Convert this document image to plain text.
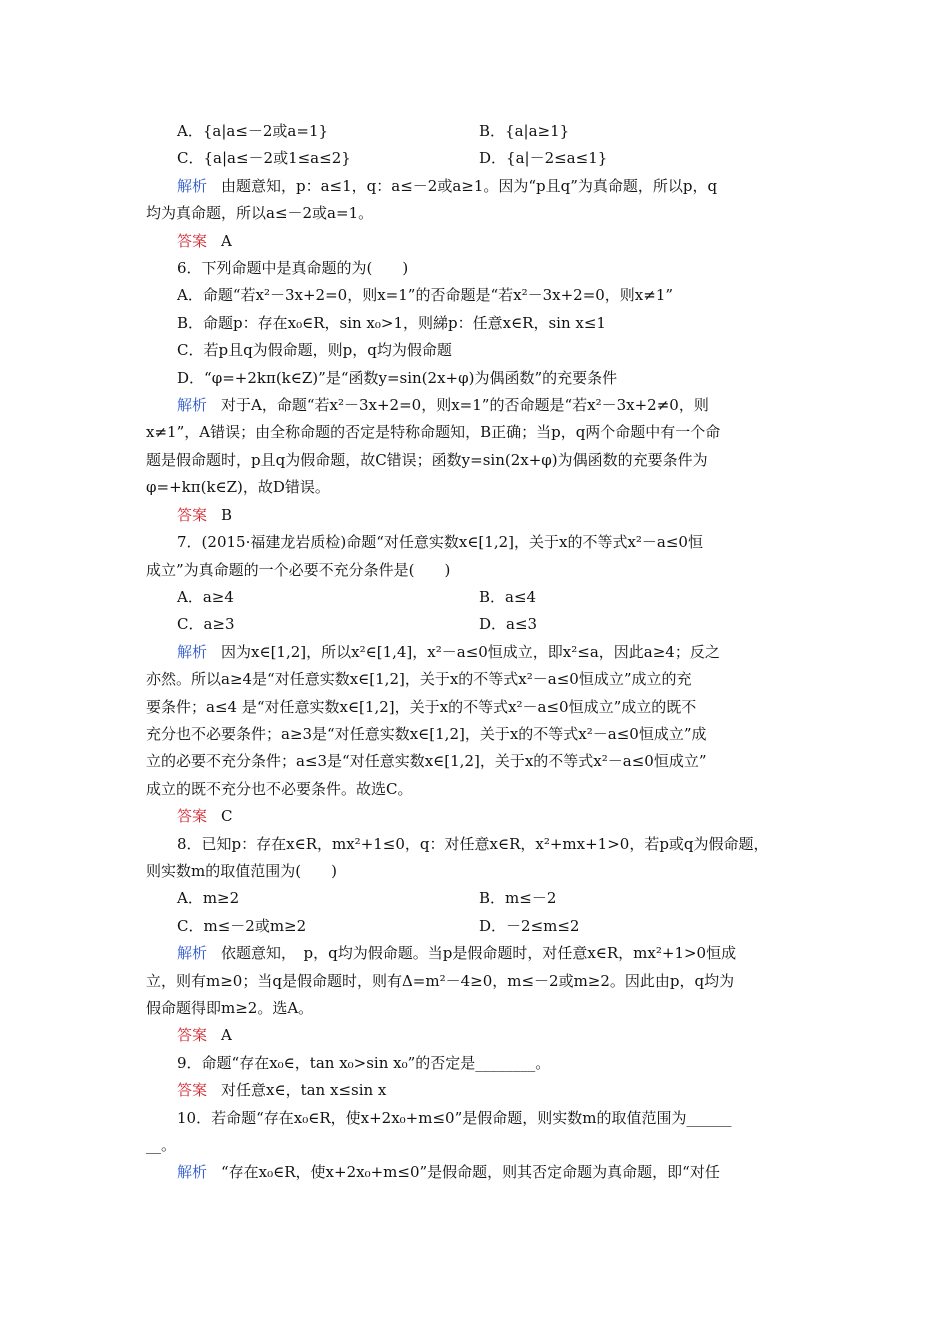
A．{a|a≤－2或a=1}	B．{a|a≥1}
C．{a|a≤－2或1≤a≤2}	D．{a|－2≤a≤1}
解析 由题意知，p：a≤1，q：a≤－2或a≥1。因为“p且q”为真命题，所以p，q
均为真命题，所以a≤－2或a=1。
答案 A
6．下列命题中是真命题的为(　　)
A．命题“若x²－3x+2=0，则x=1”的否命题是“若x²－3x+2=0，则x≠1”
B．命题p：存在x₀∈R，sin x₀>1，则綈p：任意x∈R，sin x≤1
C．若p且q为假命题，则p，q均为假命题
D．“φ=+2kπ(k∈Z)”是“函数y=sin(2x+φ)为偶函数”的充要条件
解析 对于A，命题“若x²－3x+2=0，则x=1”的否命题是“若x²－3x+2≠0，则
x≠1”，A错误；由全称命题的否定是特称命题知，B正确；当p，q两个命题中有一个命
题是假命题时，p且q为假命题，故C错误；函数y=sin(2x+φ)为偶函数的充要条件为
φ=+kπ(k∈Z)，故D错误。
答案 B
7．(2015·福建龙岩质检)命题“对任意实数x∈[1,2]，关于x的不等式x²－a≤0恒
成立”为真命题的一个必要不充分条件是(　　)
A．a≥4	B．a≤4
C．a≥3	D．a≤3
解析 因为x∈[1,2]，所以x²∈[1,4]，x²－a≤0恒成立，即x²≤a，因此a≥4；反之
亦然。所以a≥4是“对任意实数x∈[1,2]，关于x的不等式x²－a≤0恒成立”成立的充
要条件；a≤4 是“对任意实数x∈[1,2]，关于x的不等式x²－a≤0恒成立”成立的既不
充分也不必要条件；a≥3是“对任意实数x∈[1,2]，关于x的不等式x²－a≤0恒成立”成
立的必要不充分条件；a≤3是“对任意实数x∈[1,2]，关于x的不等式x²－a≤0恒成立”
成立的既不充分也不必要条件。故选C。
答案 C
8．已知p：存在x∈R，mx²+1≤0，q：对任意x∈R，x²+mx+1>0，若p或q为假命题，
则实数m的取值范围为(　　)
A．m≥2	B．m≤－2
C．m≤－2或m≥2	D．－2≤m≤2
解析 依题意知，　p，q均为假命题。当p是假命题时，对任意x∈R，mx²+1>0恒成
立，则有m≥0；当q是假命题时，则有Δ=m²－4≥0，m≤－2或m≥2。因此由p，q均为
假命题得即m≥2。选A。
答案 A
9．命题“存在x₀∈，tan x₀>sin x₀”的否定是________。
答案 对任意x∈，tan x≤sin x
10．若命题“存在x₀∈R，使x+2x₀+m≤0”是假命题，则实数m的取值范围为______
__。
解析 “存在x₀∈R，使x+2x₀+m≤0”是假命题，则其否定命题为真命题，即“对任
